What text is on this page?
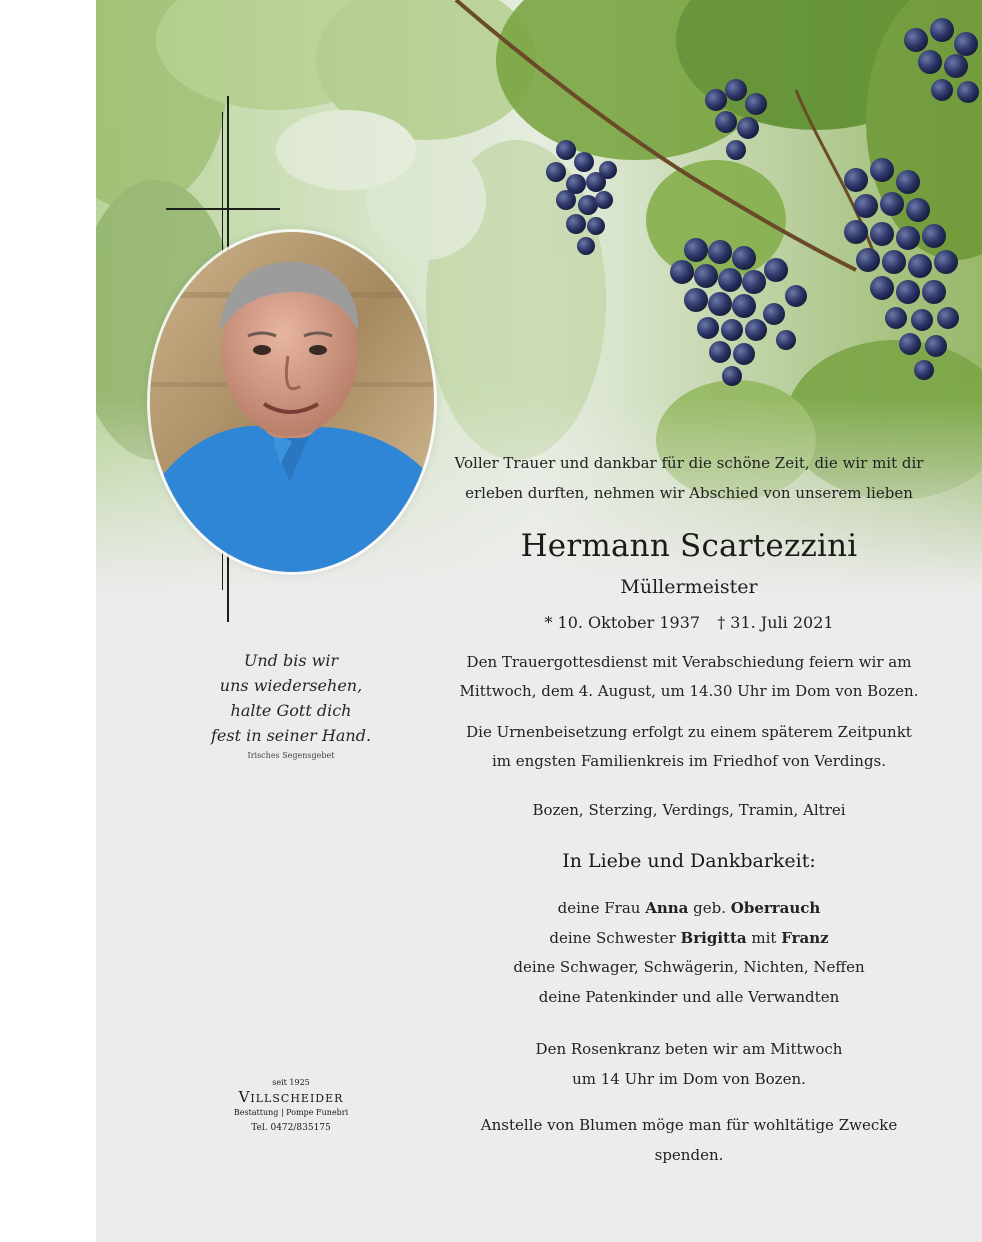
Und bis wir
uns wiedersehen,
halte Gott dich
fest in seiner Hand.
Irisches Segensgebet
seit 1925
Villscheider
Bestattung | Pompe Funebri
Tel. 0472/835175
Voller Trauer und dankbar für die schöne Zeit, die wir mit dir
erleben durften, nehmen wir Abschied von unserem lieben
Hermann Scartezzini
Müllermeister
* 10. Oktober 1937 † 31. Juli 2021
Den Trauergottesdienst mit Verabschiedung feiern wir am
Mittwoch, dem 4. August, um 14.30 Uhr im Dom von Bozen.
Die Urnenbeisetzung erfolgt zu einem späterem Zeitpunkt
im engsten Familienkreis im Friedhof von Verdings.
Bozen, Sterzing, Verdings, Tramin, Altrei
In Liebe und Dankbarkeit:
deine Frau Anna geb. Oberrauch
deine Schwester Brigitta mit Franz
deine Schwager, Schwägerin, Nichten, Neffen
deine Patenkinder und alle Verwandten
Den Rosenkranz beten wir am Mittwoch
um 14 Uhr im Dom von Bozen.
Anstelle von Blumen möge man für wohltätige Zwecke spenden.
